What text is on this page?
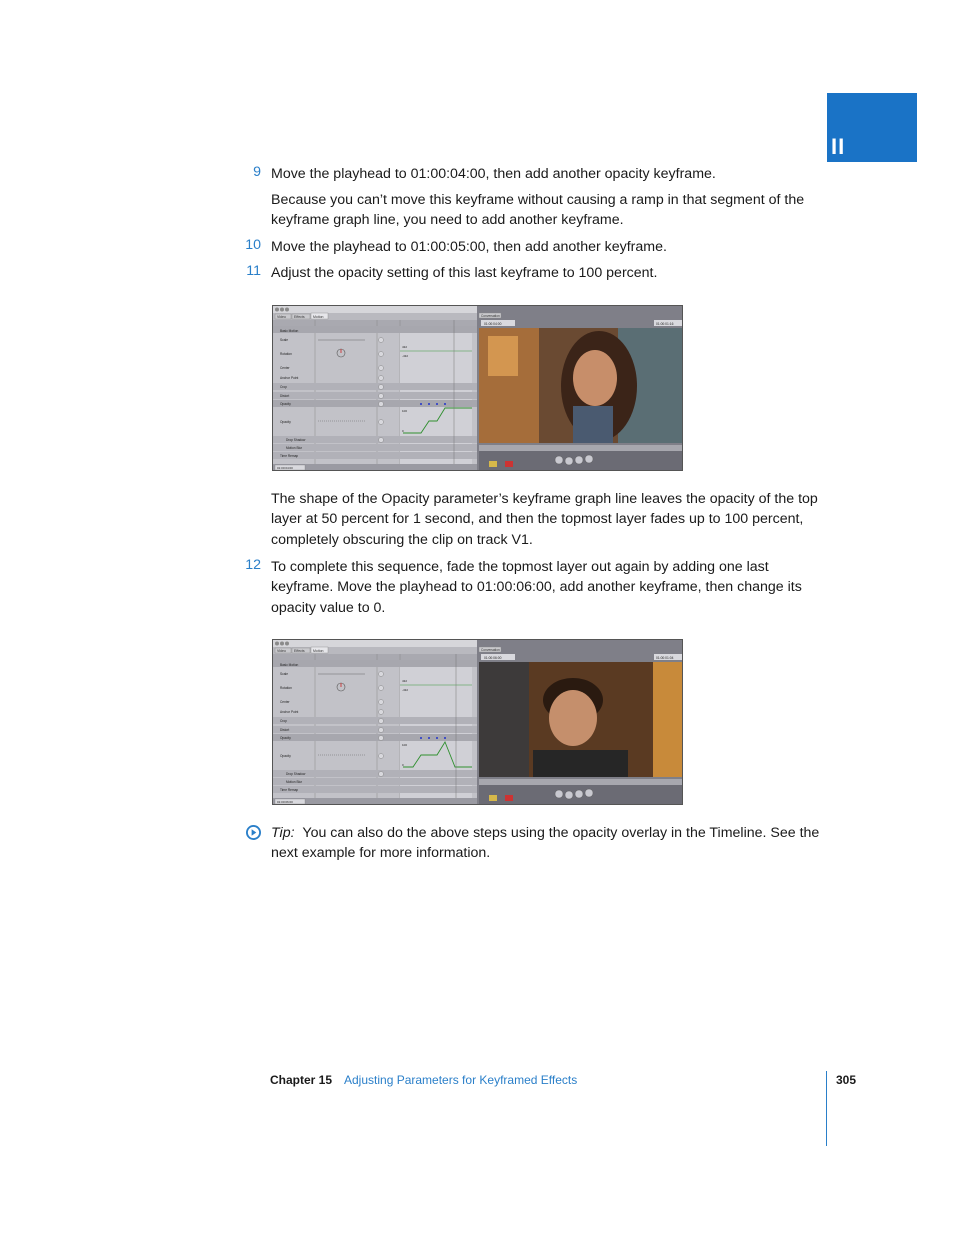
II
9 Move the playhead to 01:00:04:00, then add another opacity keyframe.
Because you can’t move this keyframe without causing a ramp in that segment of the keyframe graph line, you need to add another keyframe.
10 Move the playhead to 01:00:05:00, then add another keyframe.
11 Adjust the opacity setting of this last keyframe to 100 percent.
Video Effects Motion
Basic Motion
Scale
Rotation
Center
Anchor Point
Crop
Distort
Opacity
Opacity
Drop Shadow
Motion Blur
Time Remap
432
-432
100
0
01:00:04:00
Conversation
01:00:04:00	01:00:01:16
The shape of the Opacity parameter’s keyframe graph line leaves the opacity of the top layer at 50 percent for 1 second, and then the topmost layer fades up to 100 percent, completely obscuring the clip on track V1.
12 To complete this sequence, fade the topmost layer out again by adding one last keyframe. Move the playhead to 01:00:06:00, add another keyframe, then change its opacity value to 0.
Video Effects Motion
Basic Motion
Scale
Rotation
Center
Anchor Point
Crop
Distort
Opacity
Opacity
Drop Shadow
Motion Blur
Time Remap
432
-432
100
0
01:00:06:00
Conversation
01:00:06:00	01:00:01:04
Tip: You can also do the above steps using the opacity overlay in the Timeline. See the next example for more information.
Chapter 15 Adjusting Parameters for Keyframed Effects	305
